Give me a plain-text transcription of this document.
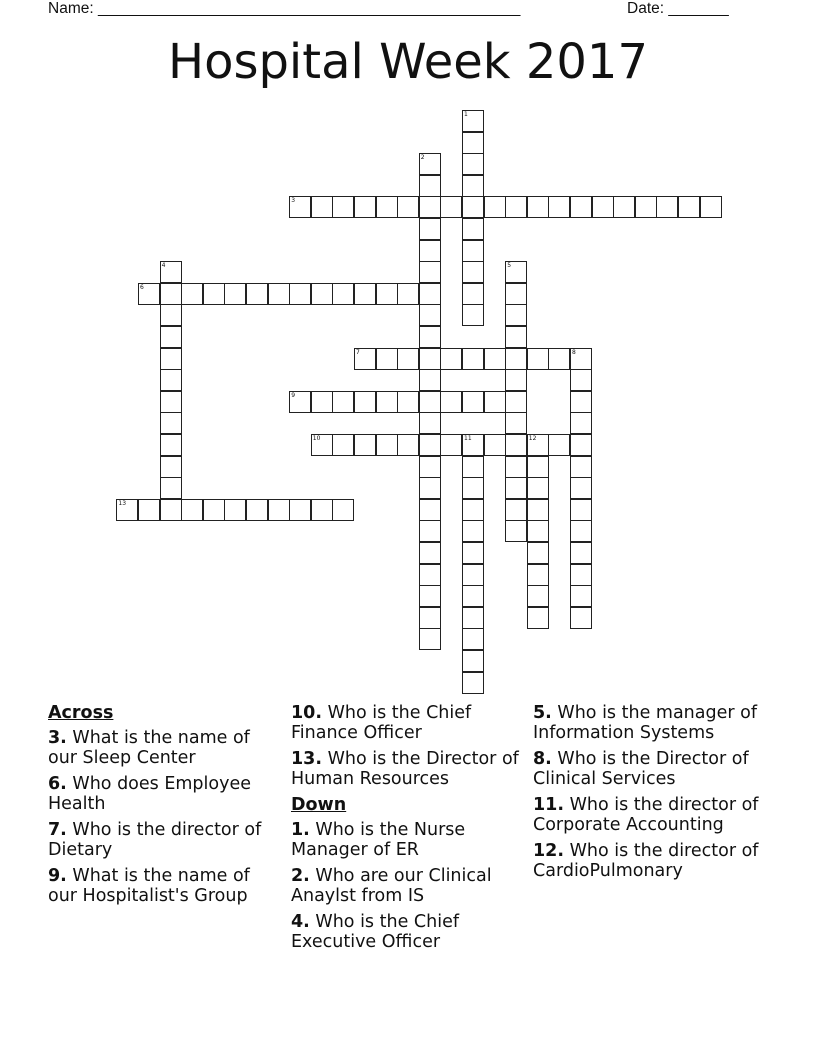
Name: _________________________________________________	Date: _______
Hospital Week 2017
1
2
3
4	5
6
7	8
9
10	11	12
13
Across
3. What is the name of our Sleep Center
6. Who does Employee Health
7. Who is the director of Dietary
9. What is the name of our Hospitalist's Group
10. Who is the Chief Finance Officer
13. Who is the Director of Human Resources
Down
1. Who is the Nurse Manager of ER
2. Who are our Clinical Anaylst from IS
4. Who is the Chief Executive Officer
5. Who is the manager of Information Systems
8. Who is the Director of Clinical Services
11. Who is the director of Corporate Accounting
12. Who is the director of CardioPulmonary
